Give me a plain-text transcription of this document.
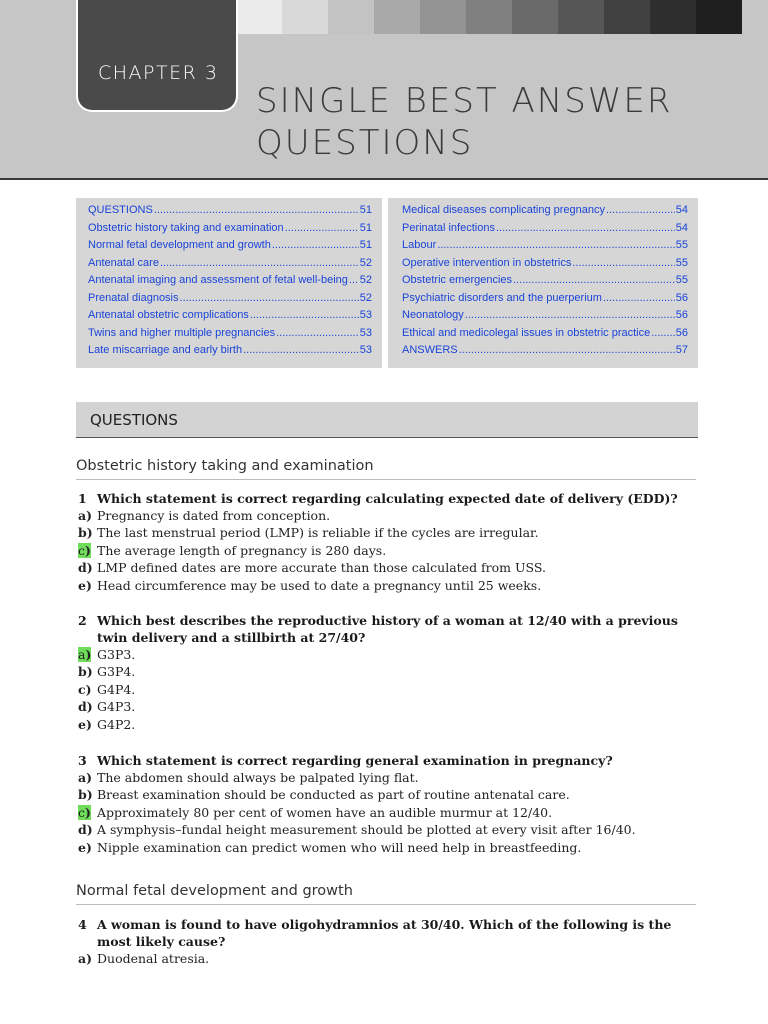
CHAPTER 3
SINGLE BEST ANSWER
QUESTIONS
QUESTIONS .....	51
Obstetric history taking and examination .....	51
Normal fetal development and growth .....	51
Antenatal care .....	52
Antenatal imaging and assessment of fetal well-being ..... 52
Prenatal diagnosis .....	52
Antenatal obstetric complications .....	53
Twins and higher multiple pregnancies .....	53
Late miscarriage and early birth .....	53
Medical diseases complicating pregnancy .....	54
Perinatal infections .....	54
Labour .....	55
Operative intervention in obstetrics .....	55
Obstetric emergencies .....	55
Psychiatric disorders and the puerperium .....	56
Neonatology .....	56
Ethical and medicolegal issues in obstetric practice ..... 56
ANSWERS .....	57
QUESTIONS
Obstetric history taking and examination
1 Which statement is correct regarding calculating expected date of delivery (EDD)?
a) Pregnancy is dated from conception.
b) The last menstrual period (LMP) is reliable if the cycles are irregular.
c) The average length of pregnancy is 280 days.
d) LMP defined dates are more accurate than those calculated from USS.
e) Head circumference may be used to date a pregnancy until 25 weeks.
2 Which best describes the reproductive history of a woman at 12/40 with a previous twin delivery and a stillbirth at 27/40?
a) G3P3.
b) G3P4.
c) G4P4.
d) G4P3.
e) G4P2.
3 Which statement is correct regarding general examination in pregnancy?
a) The abdomen should always be palpated lying flat.
b) Breast examination should be conducted as part of routine antenatal care.
c) Approximately 80 per cent of women have an audible murmur at 12/40.
d) A symphysis–fundal height measurement should be plotted at every visit after 16/40.
e) Nipple examination can predict women who will need help in breastfeeding.
Normal fetal development and growth
4 A woman is found to have oligohydramnios at 30/40. Which of the following is the most likely cause?
a) Duodenal atresia.
